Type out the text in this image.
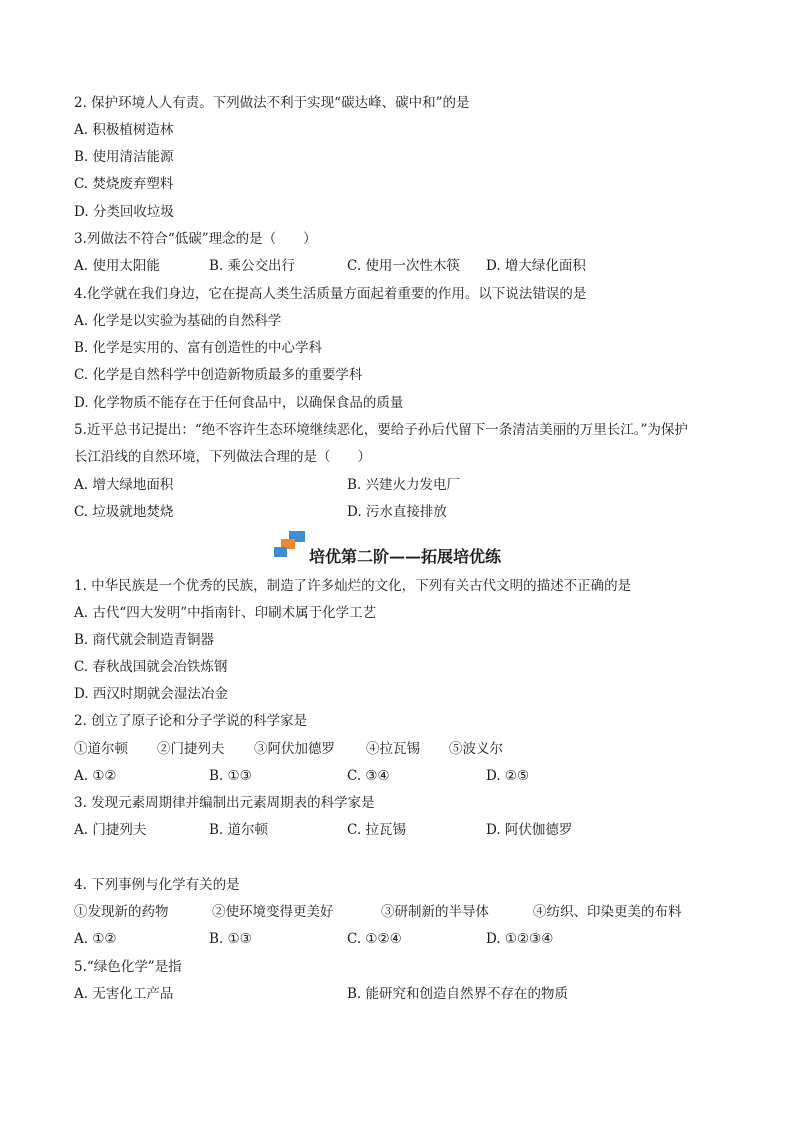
2. 保护环境人人有责。下列做法不利于实现“碳达峰、碳中和”的是
A. 积极植树造林
B. 使用清洁能源
C. 焚烧废弃塑料
D. 分类回收垃圾
3.列做法不符合“低碳”理念的是（　　）
A. 使用太阳能	B. 乘公交出行	C. 使用一次性木筷 D. 增大绿化面积
4.化学就在我们身边，它在提高人类生活质量方面起着重要的作用。以下说法错误的是
A. 化学是以实验为基础的自然科学
B. 化学是实用的、富有创造性的中心学科
C. 化学是自然科学中创造新物质最多的重要学科
D. 化学物质不能存在于任何食品中，以确保食品的质量
5.近平总书记提出：“绝不容许生态环境继续恶化，要给子孙后代留下一条清洁美丽的万里长江。”为保护
长江沿线的自然环境，下列做法合理的是（　　）
A. 增大绿地面积	B. 兴建火力发电厂
C. 垃圾就地焚烧	D. 污水直接排放
培优第二阶——拓展培优练
1. 中华民族是一个优秀的民族，制造了许多灿烂的文化，下列有关古代文明的描述不正确的是
A. 古代“四大发明”中指南针、印刷术属于化学工艺
B. 商代就会制造青铜器
C. 春秋战国就会冶铁炼钢
D. 西汉时期就会湿法冶金
2. 创立了原子论和分子学说的科学家是
①道尔顿 ②门捷列夫 ③阿伏加德罗 ④拉瓦锡 ⑤波义尔
A. ①②	B. ①③	C. ③④	D. ②⑤
3. 发现元素周期律并编制出元素周期表的科学家是
A. 门捷列夫	B. 道尔顿	C. 拉瓦锡	D. 阿伏伽德罗
4. 下列事例与化学有关的是
①发现新的药物	②使环境变得更美好	③研制新的半导体	④纺织、印染更美的布料
A. ①②	B. ①③	C. ①②④	D. ①②③④
5.“绿色化学”是指
A. 无害化工产品	B. 能研究和创造自然界不存在的物质
